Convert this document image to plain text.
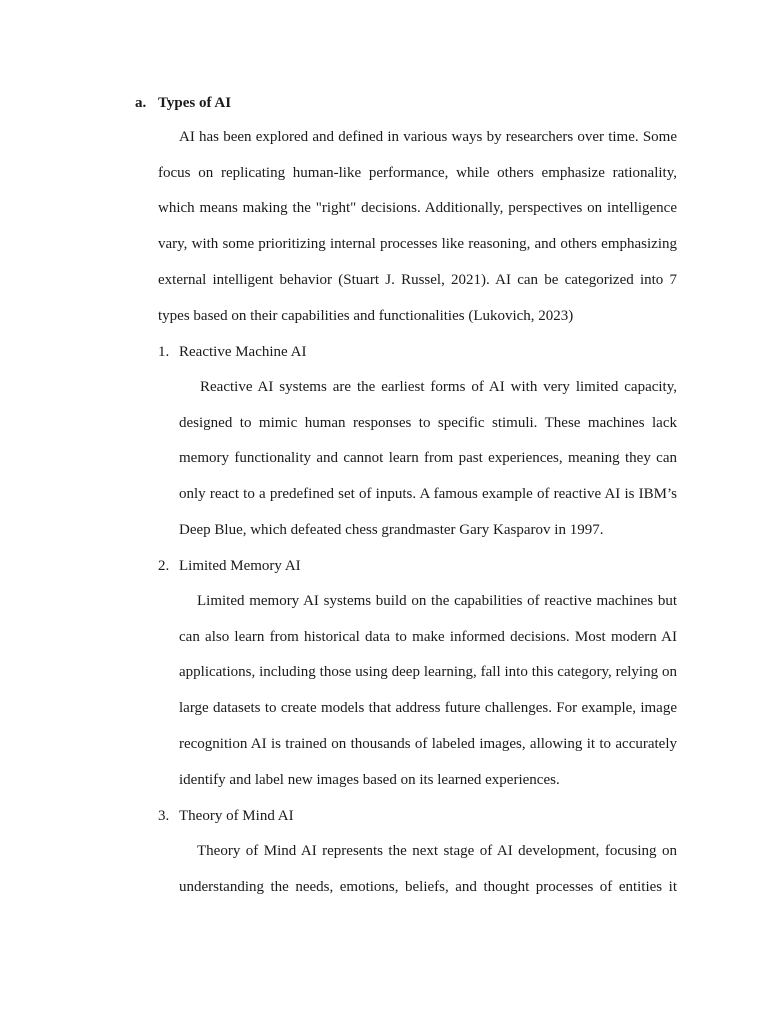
a. Types of AI

AI has been explored and defined in various ways by researchers over time. Some focus on replicating human-like performance, while others emphasize rationality, which means making the "right" decisions. Additionally, perspectives on intelligence vary, with some prioritizing internal processes like reasoning, and others emphasizing external intelligent behavior (Stuart J. Russel, 2021). AI can be categorized into 7 types based on their capabilities and functionalities (Lukovich, 2023)

1. Reactive Machine AI

Reactive AI systems are the earliest forms of AI with very limited capacity, designed to mimic human responses to specific stimuli. These machines lack memory functionality and cannot learn from past experiences, meaning they can only react to a predefined set of inputs. A famous example of reactive AI is IBM’s Deep Blue, which defeated chess grandmaster Gary Kasparov in 1997.

2. Limited Memory AI

Limited memory AI systems build on the capabilities of reactive machines but can also learn from historical data to make informed decisions. Most modern AI applications, including those using deep learning, fall into this category, relying on large datasets to create models that address future challenges. For example, image recognition AI is trained on thousands of labeled images, allowing it to accurately identify and label new images based on its learned experiences.

3. Theory of Mind AI

Theory of Mind AI represents the next stage of AI development, focusing on understanding the needs, emotions, beliefs, and thought processes of entities it
